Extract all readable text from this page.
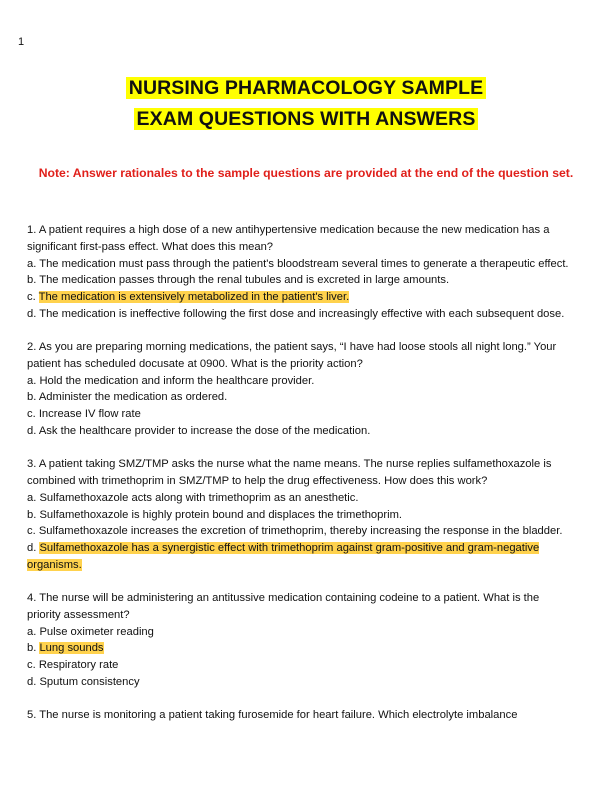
1
NURSING PHARMACOLOGY SAMPLE
EXAM QUESTIONS WITH ANSWERS
Note: Answer rationales to the sample questions are provided at the end of the question set.

1. A patient requires a high dose of a new antihypertensive medication because the new medication has a significant first-pass effect. What does this mean?

a. The medication must pass through the patient's bloodstream several times to generate a therapeutic effect.

b. The medication passes through the renal tubules and is excreted in large amounts.

c. The medication is extensively metabolized in the patient's liver.

d. The medication is ineffective following the first dose and increasingly effective with each subsequent dose.

2. As you are preparing morning medications, the patient says, “I have had loose stools all night long.” Your patient has scheduled docusate at 0900. What is the priority action?

a. Hold the medication and inform the healthcare provider.

b. Administer the medication as ordered.

c. Increase IV flow rate

d. Ask the healthcare provider to increase the dose of the medication.

3. A patient taking SMZ/TMP asks the nurse what the name means. The nurse replies sulfamethoxazole is combined with trimethoprim in SMZ/TMP to help the drug effectiveness. How does this work?

a. Sulfamethoxazole acts along with trimethoprim as an anesthetic.

b. Sulfamethoxazole is highly protein bound and displaces the trimethoprim.

c. Sulfamethoxazole increases the excretion of trimethoprim, thereby increasing the response in the bladder.

d. Sulfamethoxazole has a synergistic effect with trimethoprim against gram-positive and gram-negative organisms.

4. The nurse will be administering an antitussive medication containing codeine to a patient. What is the priority assessment?

a. Pulse oximeter reading

b. Lung sounds

c. Respiratory rate

d. Sputum consistency

5. The nurse is monitoring a patient taking furosemide for heart failure. Which electrolyte imbalance
